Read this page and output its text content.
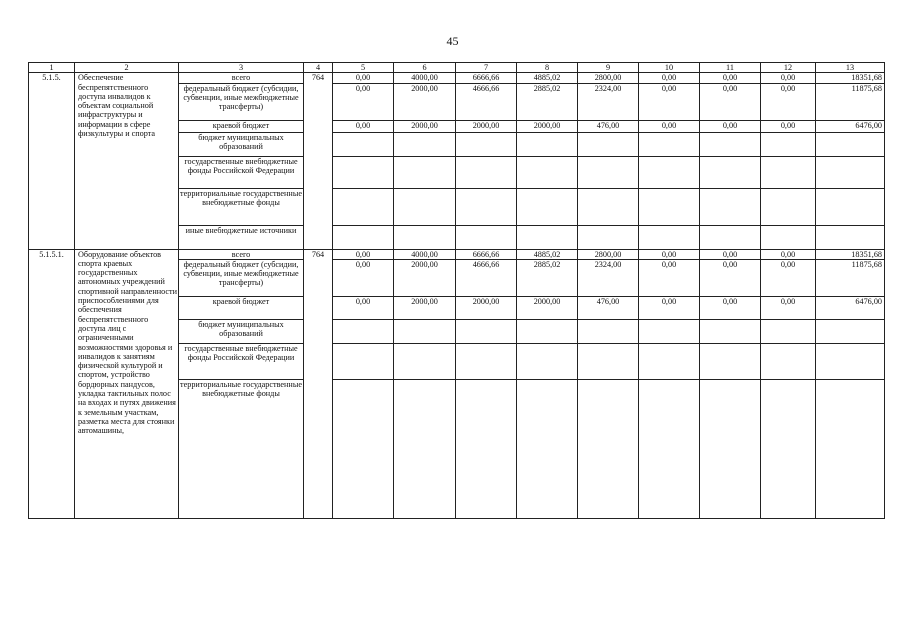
45
1	2	3	4	5	6	7	8	9	10	11	12	13
5.1.5.	Обеспечение беспрепятственного доступа инвалидов к объектам социальной инфраструктуры и информации в сфере физкультуры и спорта	всего	764	0,00	4000,00	6666,66	4885,02	2800,00	0,00	0,00	0,00	18351,68
		федеральный бюджет (субсидии, субвенции, иные межбюджетные трансферты)		0,00	2000,00	4666,66	2885,02	2324,00	0,00	0,00	0,00	11875,68
		краевой бюджет		0,00	2000,00	2000,00	2000,00	476,00	0,00	0,00	0,00	6476,00
		бюджет муниципальных образований										
		государственные внебюджетные фонды Российской Федерации										
		территориальные государственные внебюджетные фонды										
		иные внебюджетные источники										
5.1.5.1.	Оборудование объектов спорта краевых государственных автономных учреждений спортивной направленности приспособлениями для обеспечения беспрепятственного доступа лиц с ограниченными возможностями здоровья и инвалидов к занятиям физической культурой и спортом, устройство бордюрных пандусов, укладка тактильных полос на входах и путях движения к земельным участкам, разметка места для стоянки автомашины,	всего	764	0,00	4000,00	6666,66	4885,02	2800,00	0,00	0,00	0,00	18351,68
		федеральный бюджет (субсидии, субвенции, иные межбюджетные трансферты)		0,00	2000,00	4666,66	2885,02	2324,00	0,00	0,00	0,00	11875,68
		краевой бюджет		0,00	2000,00	2000,00	2000,00	476,00	0,00	0,00	0,00	6476,00
		бюджет муниципальных образований										
		государственные внебюджетные фонды Российской Федерации										
		территориальные государственные внебюджетные фонды										
